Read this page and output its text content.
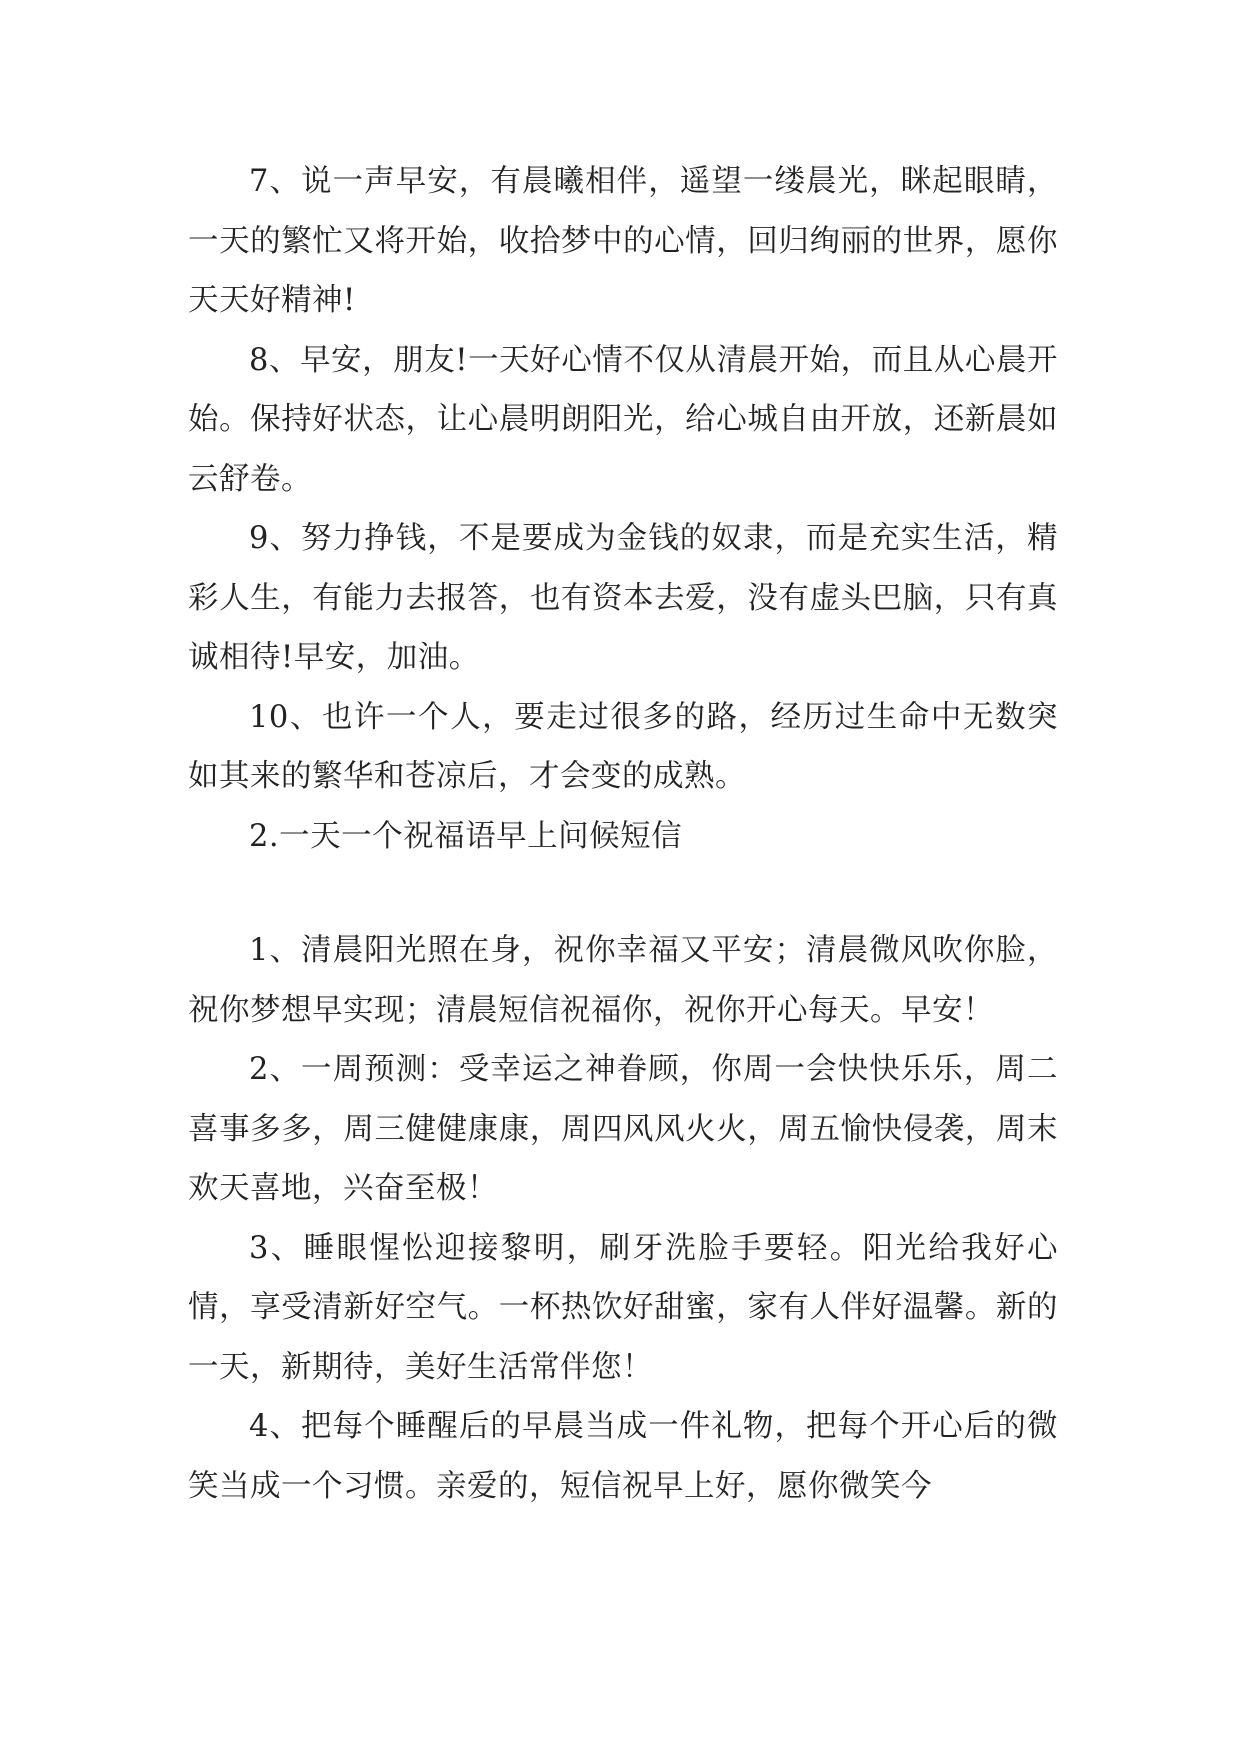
7、说一声早安，有晨曦相伴，遥望一缕晨光，眯起眼睛，一天的繁忙又将开始，收拾梦中的心情，回归绚丽的世界，愿你天天好精神!

8、早安，朋友!一天好心情不仅从清晨开始，而且从心晨开始。保持好状态，让心晨明朗阳光，给心城自由开放，还新晨如云舒卷。

9、努力挣钱，不是要成为金钱的奴隶，而是充实生活，精彩人生，有能力去报答，也有资本去爱，没有虚头巴脑，只有真诚相待!早安，加油。

10、也许一个人，要走过很多的路，经历过生命中无数突如其来的繁华和苍凉后，才会变的成熟。

2.一天一个祝福语早上问候短信

1、清晨阳光照在身，祝你幸福又平安；清晨微风吹你脸，祝你梦想早实现；清晨短信祝福你，祝你开心每天。早安！

2、一周预测：受幸运之神眷顾，你周一会快快乐乐，周二喜事多多，周三健健康康，周四风风火火，周五愉快侵袭，周末欢天喜地，兴奋至极！

3、睡眼惺忪迎接黎明，刷牙洗脸手要轻。阳光给我好心情，享受清新好空气。一杯热饮好甜蜜，家有人伴好温馨。新的一天，新期待，美好生活常伴您！

4、把每个睡醒后的早晨当成一件礼物，把每个开心后的微笑当成一个习惯。亲爱的，短信祝早上好，愿你微笑今
